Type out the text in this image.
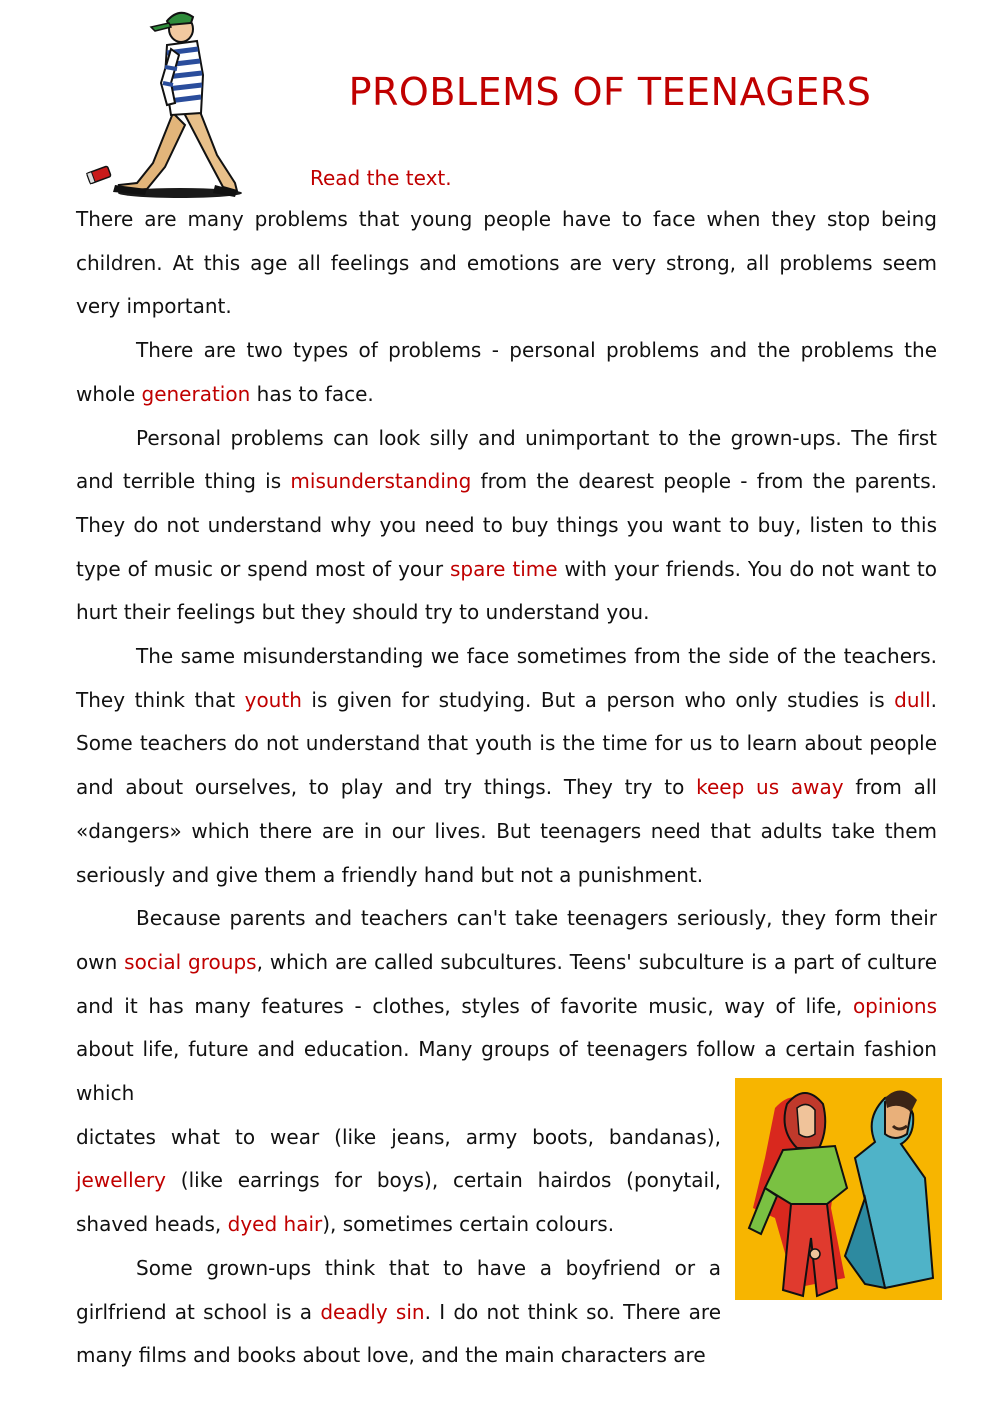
PROBLEMS OF TEENAGERS
Read the text.

There are many problems that young people have to face when they stop being children. At this age all feelings and emotions are very strong, all problems seem very important.

There are two types of problems - personal problems and the problems the whole generation has to face.

Personal problems can look silly and unimportant to the grown-ups. The first and terrible thing is misunderstanding from the dearest people - from the parents. They do not understand why you need to buy things you want to buy, listen to this type of music or spend most of your spare time with your friends. You do not want to hurt their feelings but they should try to understand you.

The same misunderstanding we face sometimes from the side of the teachers. They think that youth is given for studying. But a person who only studies is dull. Some teachers do not understand that youth is the time for us to learn about people and about ourselves, to play and try things. They try to keep us away from all «dangers» which there are in our lives. But teenagers need that adults take them seriously and give them a friendly hand but not a punishment.

Because parents and teachers can't take teenagers seriously, they form their own social groups, which are called subcultures. Teens' subculture is a part of culture and it has many features - clothes, styles of favorite music, way of life, opinions about life, future and education. Many groups of teenagers follow a certain fashion which

dictates what to wear (like jeans, army boots, bandanas), jewellery (like earrings for boys), certain hairdos (ponytail, shaved heads, dyed hair), sometimes certain colours.

Some grown-ups think that to have a boyfriend or a girlfriend at school is a deadly sin. I do not think so. There are many films and books about love, and the main characters are
